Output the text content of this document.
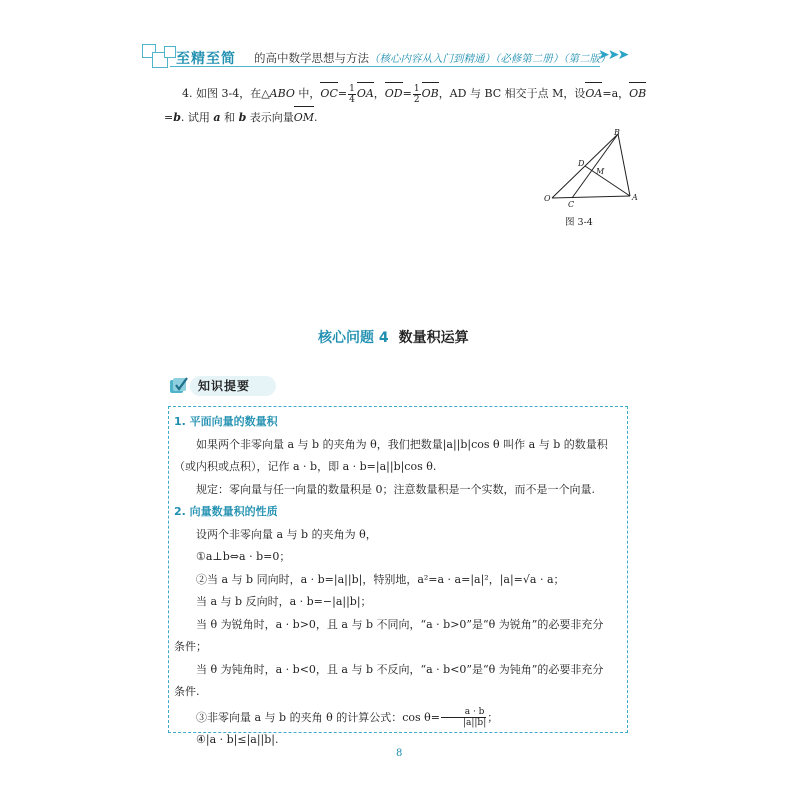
至精至简 的高中数学思想与方法（核心内容从入门到精通）（必修第二册）（第二版）
➤➤➤
4. 如图 3-4，在△ABO 中，$OC= \frac{1}{4}$ OA，$OD= \frac{1}{2}$ OB，AD 与 BC 相交于点 M，设OA=a，OB
=b. 试用 a 和 b 表示向量OM.
B
D
M
O
C
A
图 3-4
核心问题 4 数量积运算
知识提要
1. 平面向量的数量积
如果两个非零向量 a 与 b 的夹角为 θ，我们把数量|a||b|cos θ 叫作 a 与 b 的数量积
（或内积或点积），记作 a · b，即 a · b=|a||b|cos θ.
规定：零向量与任一向量的数量积是 0；注意数量积是一个实数，而不是一个向量.
2. 向量数量积的性质
设两个非零向量 a 与 b 的夹角为 θ，
①a⊥b⇔a · b=0；
②当 a 与 b 同向时，a · b=|a||b|，特别地，a²=a · a=|a|²，|a|=√a · a；
当 a 与 b 反向时，a · b=−|a||b|；
当 θ 为锐角时，a · b>0，且 a 与 b 不同向，“a · b>0”是“θ 为锐角”的必要非充分
条件；
当 θ 为钝角时，a · b<0，且 a 与 b 不反向，“a · b<0”是“θ 为钝角”的必要非充分
条件.
③非零向量 a 与 b 的夹角 θ 的计算公式：$\cos \theta= \frac{a \cdot b}{|a||b|}$ ；
④|a · b|≤|a||b|.
8
